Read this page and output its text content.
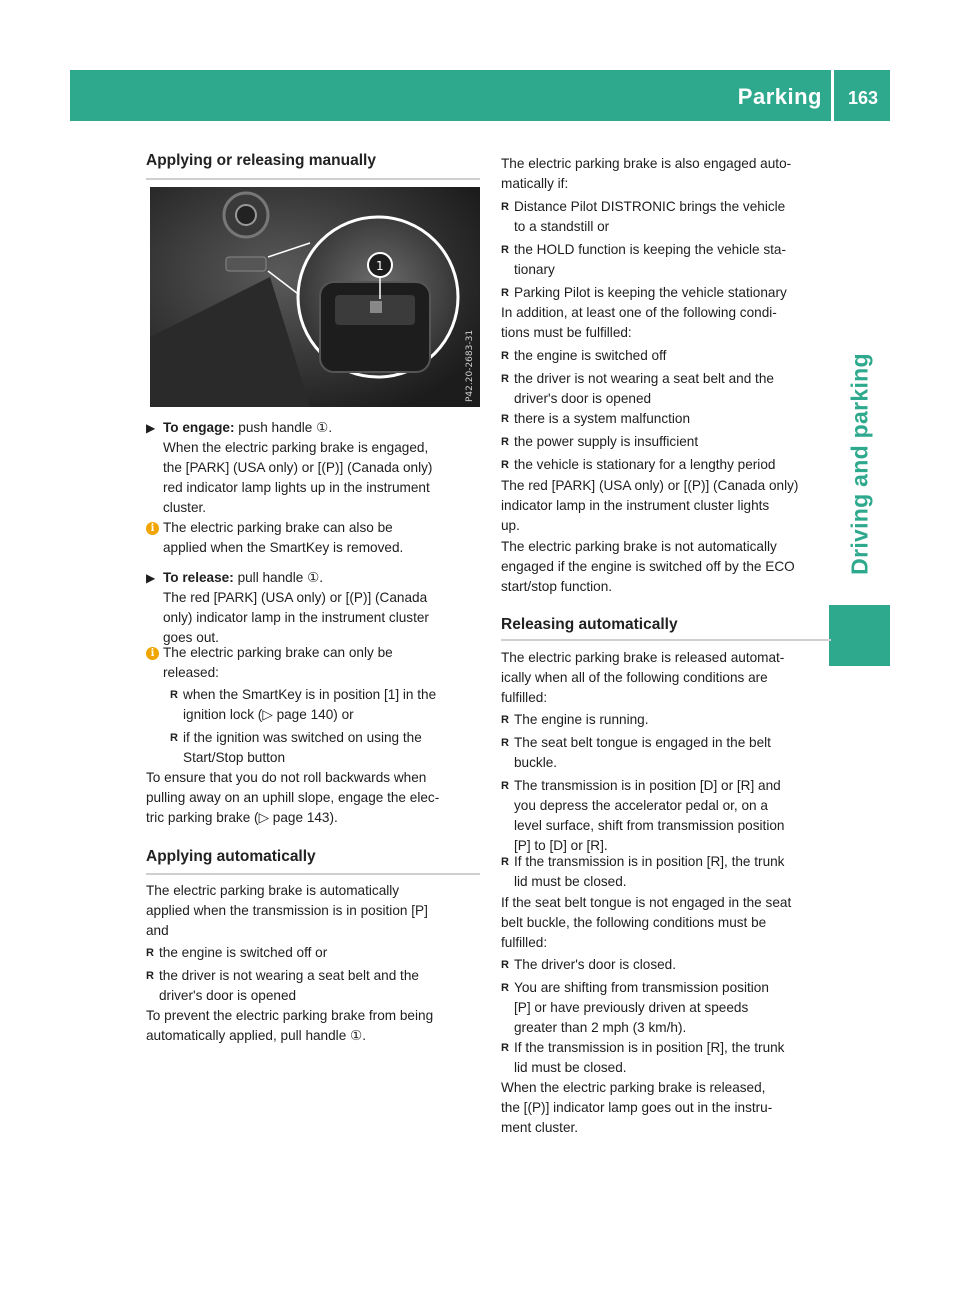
Parking	163
Driving and parking
Applying or releasing manually
1
P42.20-2683-31
▶ To engage: push handle ①.
When the electric parking brake is engaged,
the [PARK] (USA only) or [(P)] (Canada only)
red indicator lamp lights up in the instrument
cluster.
i The electric parking brake can also be
applied when the SmartKey is removed.
▶ To release: pull handle ①.
The red [PARK] (USA only) or [(P)] (Canada
only) indicator lamp in the instrument cluster
goes out.
i The electric parking brake can only be
released:
R when the SmartKey is in position [1] in the
ignition lock (▷ page 140) or
R if the ignition was switched on using the
Start/Stop button
To ensure that you do not roll backwards when
pulling away on an uphill slope, engage the elec-
tric parking brake (▷ page 143).
Applying automatically
The electric parking brake is automatically
applied when the transmission is in position [P]
and
R the engine is switched off or
R the driver is not wearing a seat belt and the
driver's door is opened
To prevent the electric parking brake from being
automatically applied, pull handle ①.
The electric parking brake is also engaged auto-
matically if:
R Distance Pilot DISTRONIC brings the vehicle
to a standstill or
R the HOLD function is keeping the vehicle sta-
tionary
R Parking Pilot is keeping the vehicle stationary
In addition, at least one of the following condi-
tions must be fulfilled:
R the engine is switched off
R the driver is not wearing a seat belt and the
driver's door is opened
R there is a system malfunction
R the power supply is insufficient
R the vehicle is stationary for a lengthy period
The red [PARK] (USA only) or [(P)] (Canada only)
indicator lamp in the instrument cluster lights
up.
The electric parking brake is not automatically
engaged if the engine is switched off by the ECO
start/stop function.
Releasing automatically
The electric parking brake is released automat-
ically when all of the following conditions are
fulfilled:
R The engine is running.
R The seat belt tongue is engaged in the belt
buckle.
R The transmission is in position [D] or [R] and
you depress the accelerator pedal or, on a
level surface, shift from transmission position
[P] to [D] or [R].
R If the transmission is in position [R], the trunk
lid must be closed.
If the seat belt tongue is not engaged in the seat
belt buckle, the following conditions must be
fulfilled:
R The driver's door is closed.
R You are shifting from transmission position
[P] or have previously driven at speeds
greater than 2 mph (3 km/h).
R If the transmission is in position [R], the trunk
lid must be closed.
When the electric parking brake is released,
the [(P)] indicator lamp goes out in the instru-
ment cluster.
